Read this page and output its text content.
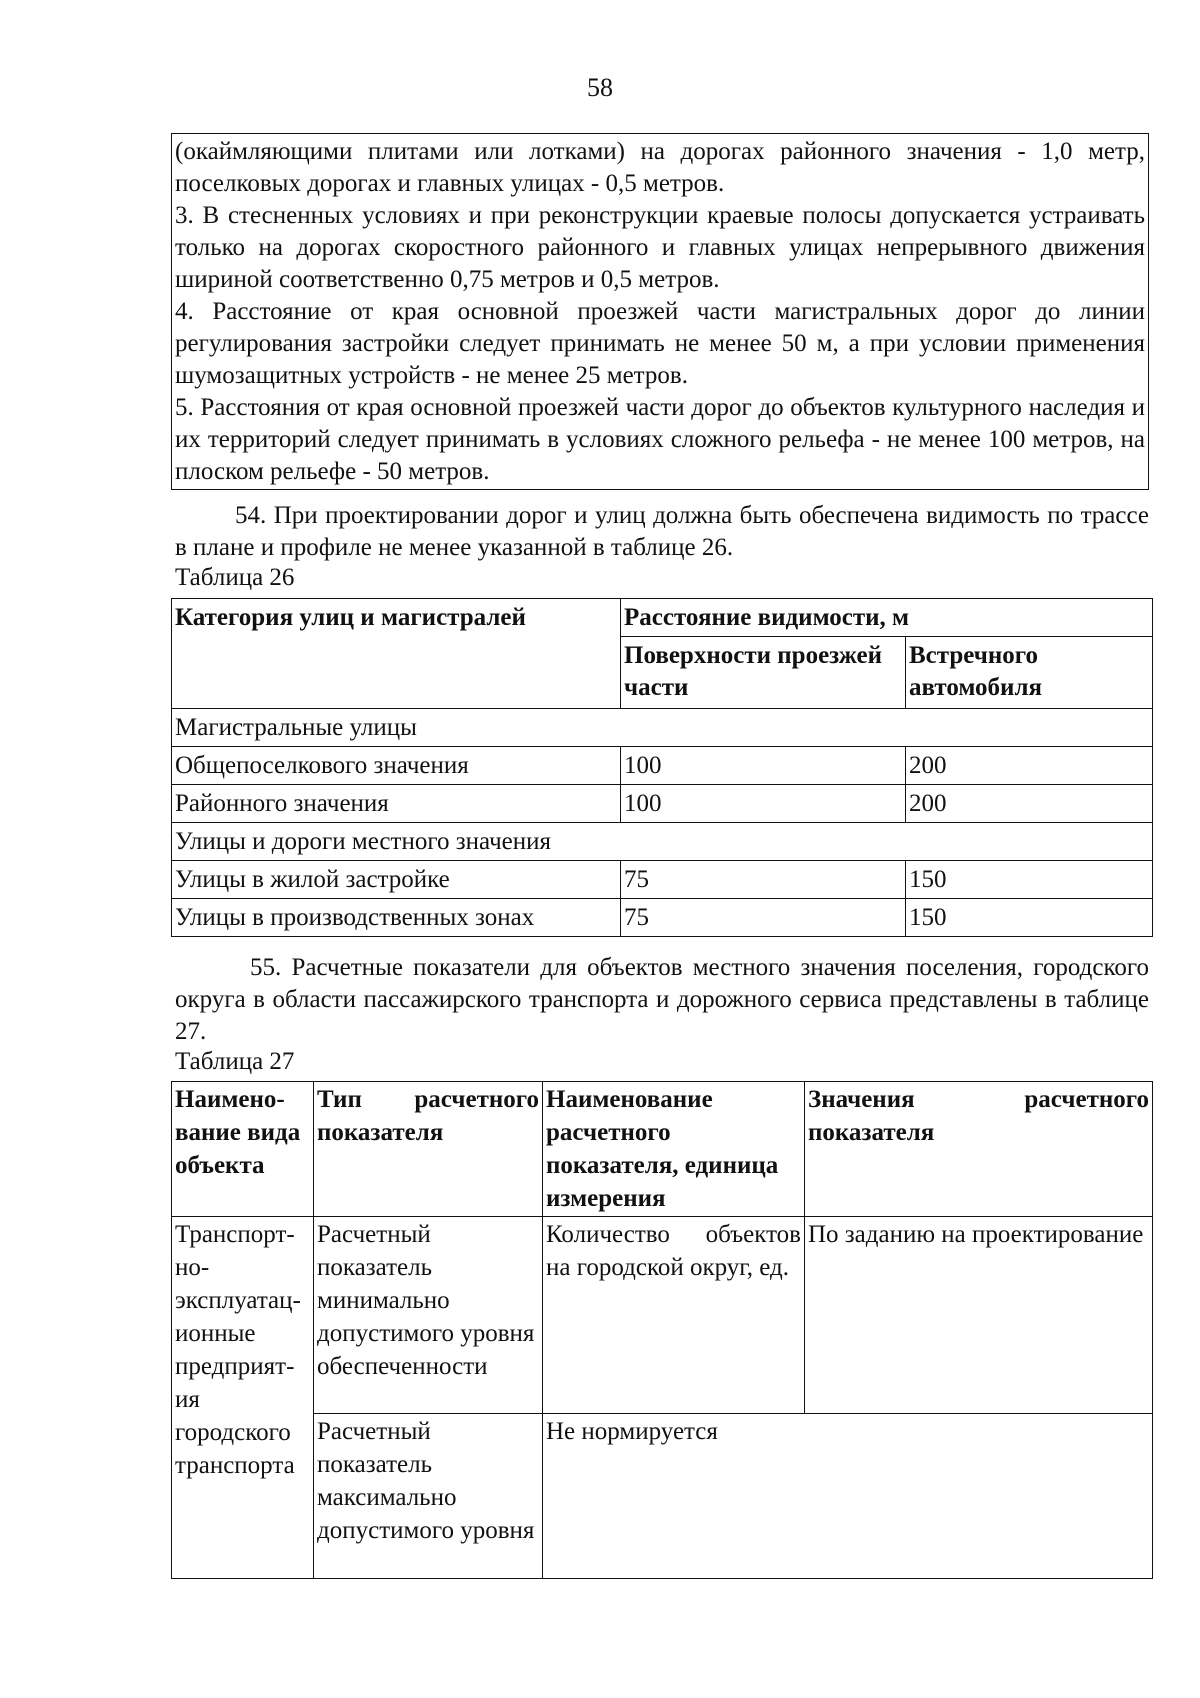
58

(окаймляющими плитами или лотками) на дорогах районного значения - 1,0 метр, поселковых дорогах и главных улицах - 0,5 метров.

3. В стесненных условиях и при реконструкции краевые полосы допускается устраивать только на дорогах скоростного районного и главных улицах непрерывного движения шириной соответственно 0,75 метров и 0,5 метров.

4. Расстояние от края основной проезжей части магистральных дорог до линии регулирования застройки следует принимать не менее 50 м, а при условии применения шумозащитных устройств - не менее 25 метров.

5. Расстояния от края основной проезжей части дорог до объектов культурного наследия и их территорий следует принимать в условиях сложного рельефа - не менее 100 метров, на плоском рельефе - 50 метров.

54. При проектировании дорог и улиц должна быть обеспечена видимость по трассе в плане и профиле не менее указанной в таблице 26.

Таблица 26

Категория улиц и магистралей	Расстояние видимости, м	
	Поверхности проезжей части	Встречного автомобиля
Магистральные улицы		
Общепоселкового значения	100	200
Районного значения	100	200
Улицы и дороги местного значения		
Улицы в жилой застройке	75	150
Улицы в производственных зонах	75	150

55. Расчетные показатели для объектов местного значения поселения, городского округа в области пассажирского транспорта и дорожного сервиса представлены в таблице 27.

Таблица 27

Наимено-вание вида объекта	Тип расчетного показателя	Наименование расчетного показателя, единица измерения	Значения расчетного показателя
Транспортно-эксплуатационные предприятия городского транспорта	Расчетный показатель минимально допустимого уровня обеспеченности	Количество объектов на городской округ, ед.	По заданию на проектирование
	Расчетный показатель максимально допустимого уровня	Не нормируется	
